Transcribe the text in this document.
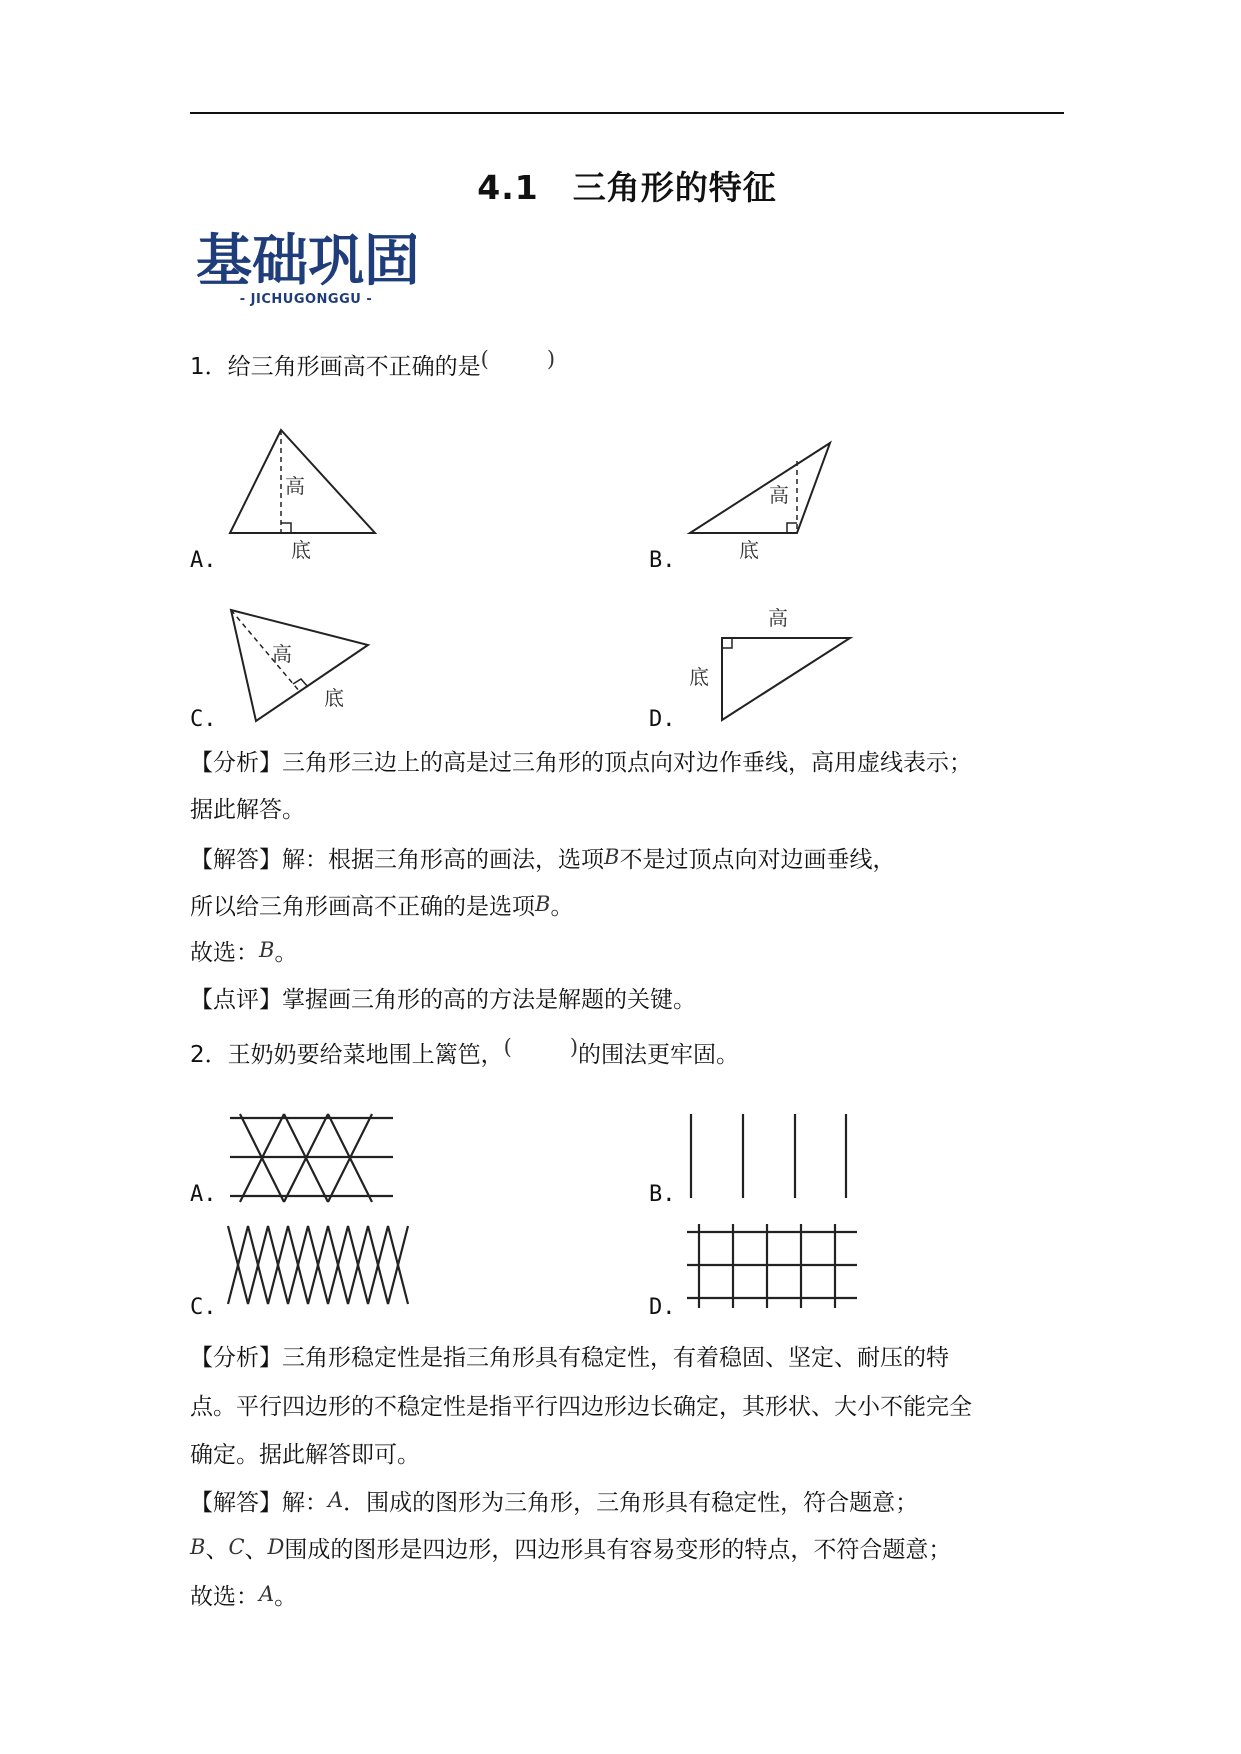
4.1　三角形的特征
基础巩固
- JICHUGONGGU -
1．给三角形画高不正确的是(	)
A.
高
底	B.
高
底
C.
高
底
D.
高
底
【分析】三角形三边上的高是过三角形的顶点向对边作垂线，高用虚线表示；
据此解答。
【解答】解：根据三角形高的画法，选项B不是过顶点向对边画垂线，
所以给三角形画高不正确的是选项B。
故选：B。
【点评】掌握画三角形的高的方法是解题的关键。
2．王奶奶要给菜地围上篱笆，(	)的围法更牢固。
A.	B.
C.	D.
【分析】三角形稳定性是指三角形具有稳定性，有着稳固、坚定、耐压的特
点。平行四边形的不稳定性是指平行四边形边长确定，其形状、大小不能完全
确定。据此解答即可。
【解答】解：A．围成的图形为三角形，三角形具有稳定性，符合题意；
B、C、D围成的图形是四边形，四边形具有容易变形的特点，不符合题意；
故选：A。
